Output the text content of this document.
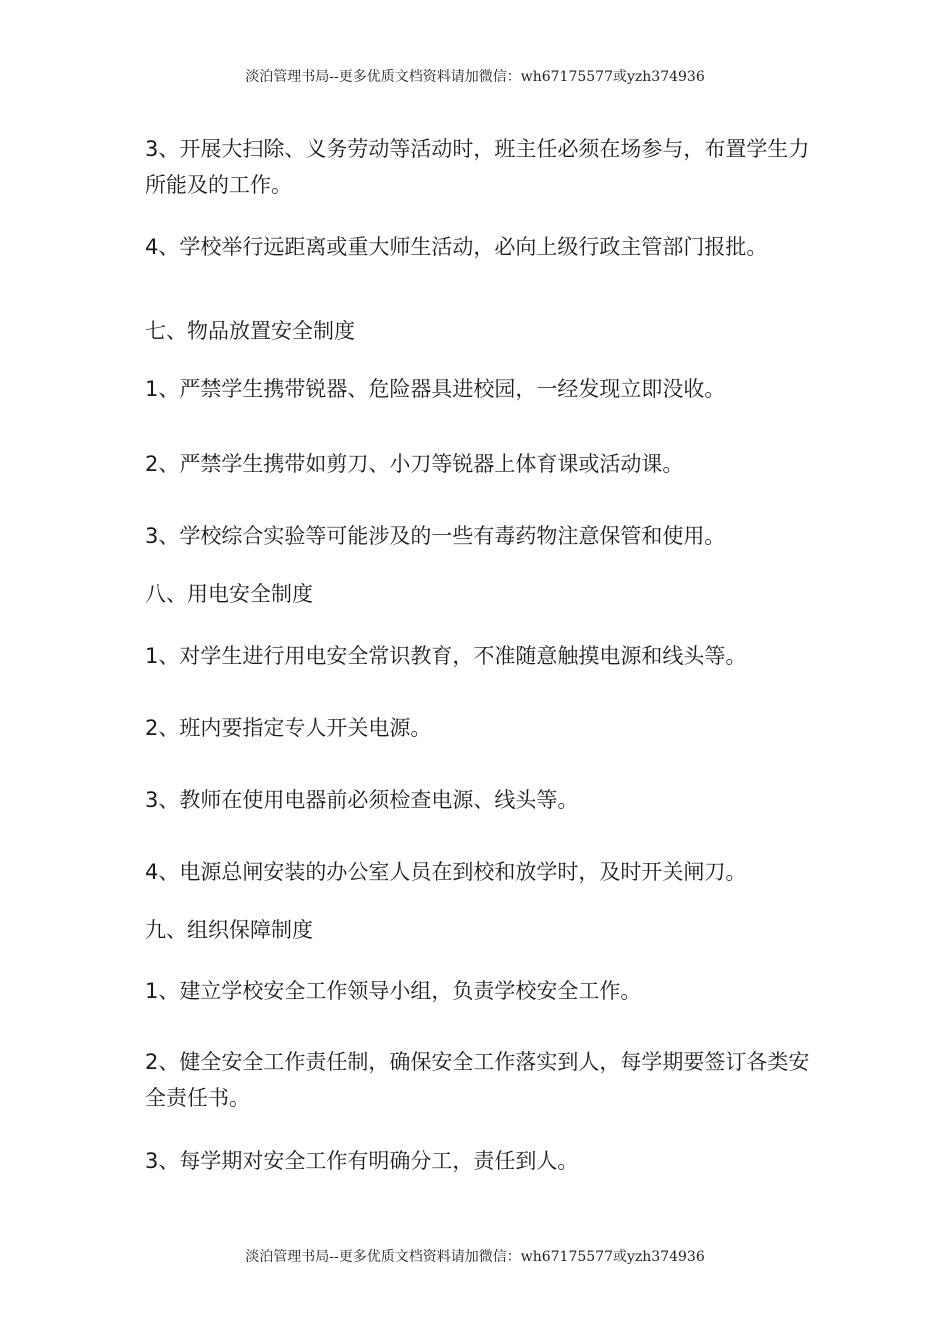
淡泊管理书局--更多优质文档资料请加微信：wh67175577或yzh374936
3、开展大扫除、义务劳动等活动时，班主任必须在场参与，布置学生力所能及的工作。
4、学校举行远距离或重大师生活动，必向上级行政主管部门报批。
七、物品放置安全制度
1、严禁学生携带锐器、危险器具进校园，一经发现立即没收。
2、严禁学生携带如剪刀、小刀等锐器上体育课或活动课。
3、学校综合实验等可能涉及的一些有毒药物注意保管和使用。
八、用电安全制度
1、对学生进行用电安全常识教育，不准随意触摸电源和线头等。
2、班内要指定专人开关电源。
3、教师在使用电器前必须检查电源、线头等。
4、电源总闸安装的办公室人员在到校和放学时，及时开关闸刀。
九、组织保障制度
1、建立学校安全工作领导小组，负责学校安全工作。
2、健全安全工作责任制，确保安全工作落实到人，每学期要签订各类安全责任书。
3、每学期对安全工作有明确分工，责任到人。
淡泊管理书局--更多优质文档资料请加微信：wh67175577或yzh374936
